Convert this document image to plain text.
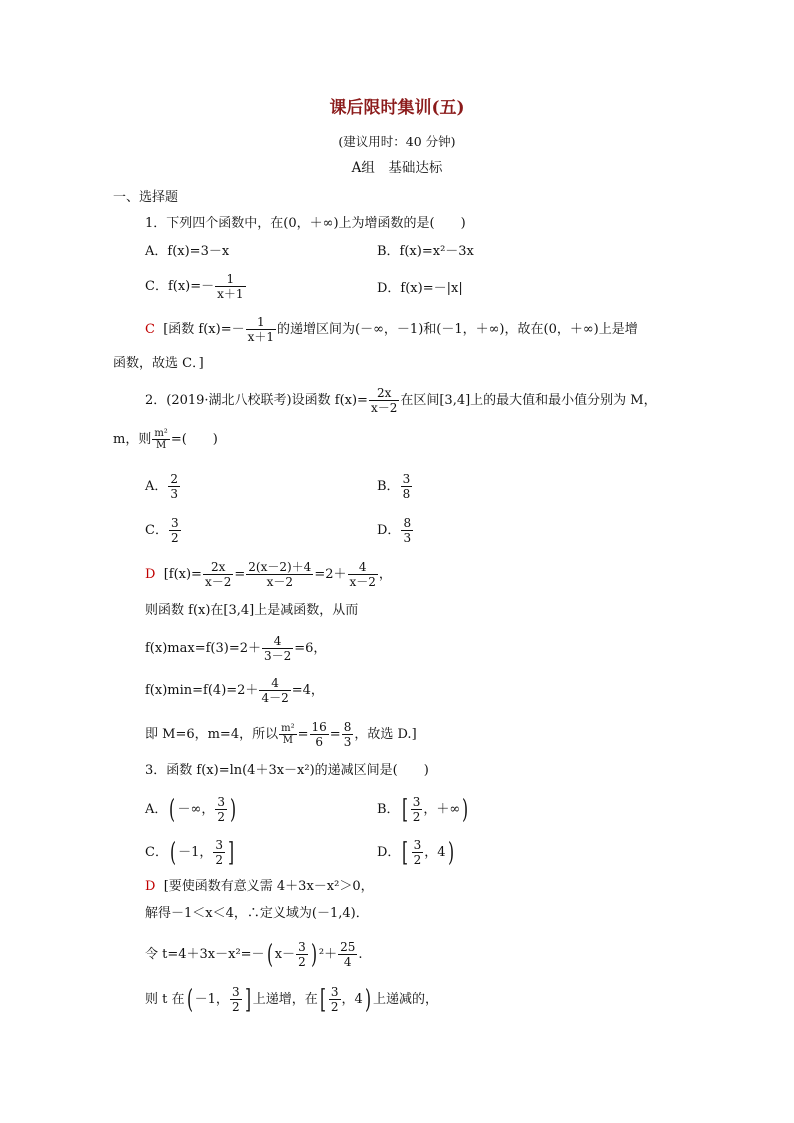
课后限时集训(五)
(建议用时：40 分钟)
A组　基础达标
一、选择题
1．下列四个函数中，在(0，＋∞)上为增函数的是(　　)
A．f(x)=3－x	B．f(x)=x²－3x
C．$f(x)=- \frac{1}{x+1}$	D．f(x)=－|x|
C [函数 $f(x)=- \frac{1}{x+1}$ 的递增区间为(－∞，－1)和(－1，＋∞)，故在(0，＋∞)上是增
函数，故选 C．]
2．(2019·湖北八校联考)设函数 $f(x)= \frac{2x}{x-2}$ 在区间[3,4]上的最大值和最小值分别为 M，
m，则 $\frac{\text{m²}}{M}$ =(　　)
A． $\frac{2}{3}$	B． $\frac{3}{8}$
C． $\frac{3}{2}$	D． $\frac{8}{3}$
D [$f(x)= \frac{2x}{x-2} = \frac{2(x-2)+4}{x-2} =2+ \frac{4}{x-2}$ ，
则函数 f(x)在[3,4]上是减函数，从而
$f(x)\max=f(3)=2+ \frac{4}{3-2} =6$，
$f(x)\min=f(4)=2+ \frac{4}{4-2} =4$，
即 M=6，m=4，所以 $\frac{\text{m²}}{M} = \frac{16}{6} = \frac{8}{3}$ ，故选 D.]
3．函数 f(x)=ln(4＋3x－x²)的递减区间是(　　)
A．( －∞， $\frac{3}{2}$ )	B．[ $\frac{3}{2}$ ，＋∞)
C．( －1， $\frac{3}{2}$ ]	D．[ $\frac{3}{2}$ ，4)
D [要使函数有意义需 4＋3x－x²＞0，
解得－1＜x＜4，∴定义域为(－1,4)．
令 t=4＋3x－x²=－( $x- \frac{3}{2}$ ) $^2+ \frac{25}{4}$ .
则 t 在( －1， $\frac{3}{2}$ ] 上递增，在[ $\frac{3}{2}$ ，4) 上递减的，
